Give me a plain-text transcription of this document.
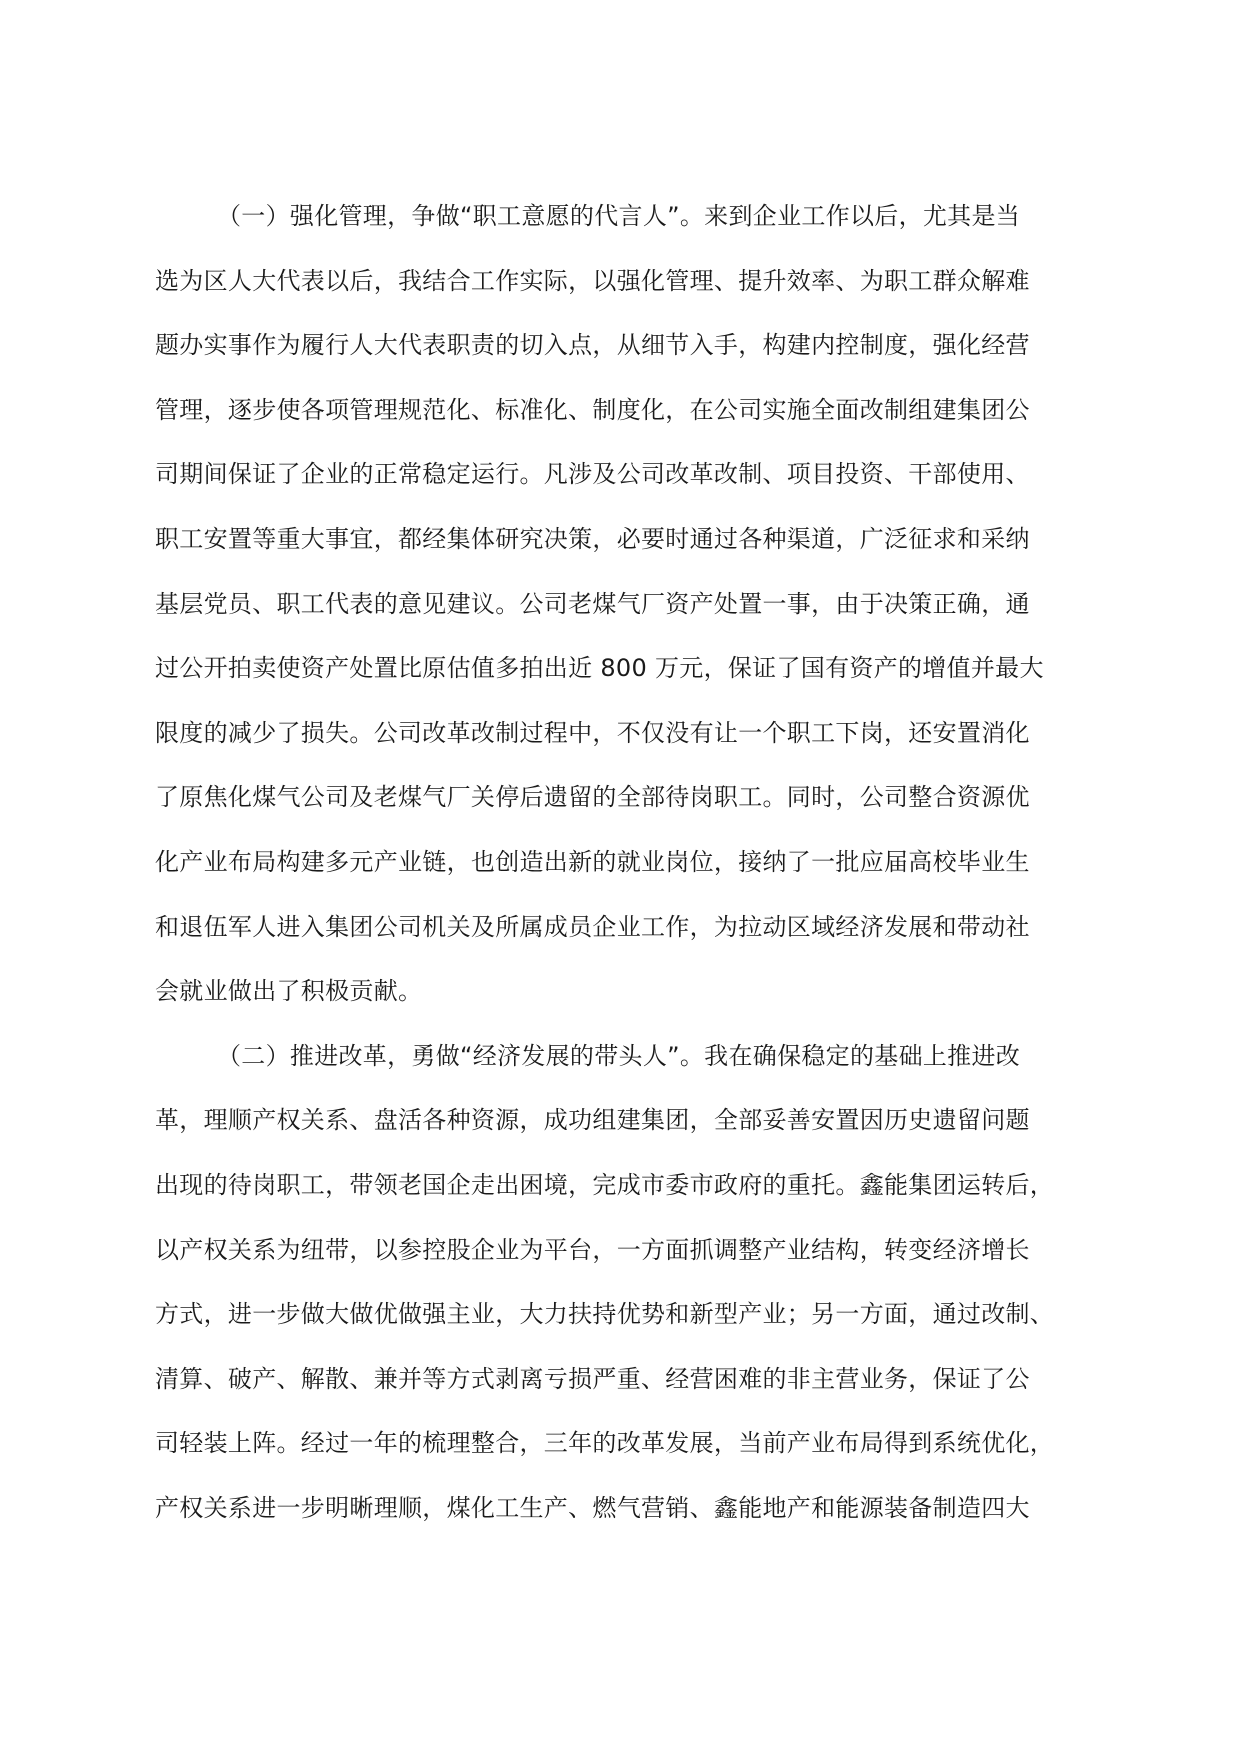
（一）强化管理，争做“职工意愿的代言人”。来到企业工作以后，尤其是当
选为区人大代表以后，我结合工作实际，以强化管理、提升效率、为职工群众解难
题办实事作为履行人大代表职责的切入点，从细节入手，构建内控制度，强化经营
管理，逐步使各项管理规范化、标准化、制度化，在公司实施全面改制组建集团公
司期间保证了企业的正常稳定运行。凡涉及公司改革改制、项目投资、干部使用、
职工安置等重大事宜，都经集体研究决策，必要时通过各种渠道，广泛征求和采纳
基层党员、职工代表的意见建议。公司老煤气厂资产处置一事，由于决策正确，通
过公开拍卖使资产处置比原估值多拍出近 800 万元，保证了国有资产的增值并最大
限度的减少了损失。公司改革改制过程中，不仅没有让一个职工下岗，还安置消化
了原焦化煤气公司及老煤气厂关停后遗留的全部待岗职工。同时，公司整合资源优
化产业布局构建多元产业链，也创造出新的就业岗位，接纳了一批应届高校毕业生
和退伍军人进入集团公司机关及所属成员企业工作，为拉动区域经济发展和带动社
会就业做出了积极贡献。
（二）推进改革，勇做“经济发展的带头人”。我在确保稳定的基础上推进改
革，理顺产权关系、盘活各种资源，成功组建集团，全部妥善安置因历史遗留问题
出现的待岗职工，带领老国企走出困境，完成市委市政府的重托。鑫能集团运转后，
以产权关系为纽带，以参控股企业为平台，一方面抓调整产业结构，转变经济增长
方式，进一步做大做优做强主业，大力扶持优势和新型产业；另一方面，通过改制、
清算、破产、解散、兼并等方式剥离亏损严重、经营困难的非主营业务，保证了公
司轻装上阵。经过一年的梳理整合，三年的改革发展，当前产业布局得到系统优化，
产权关系进一步明晰理顺，煤化工生产、燃气营销、鑫能地产和能源装备制造四大
